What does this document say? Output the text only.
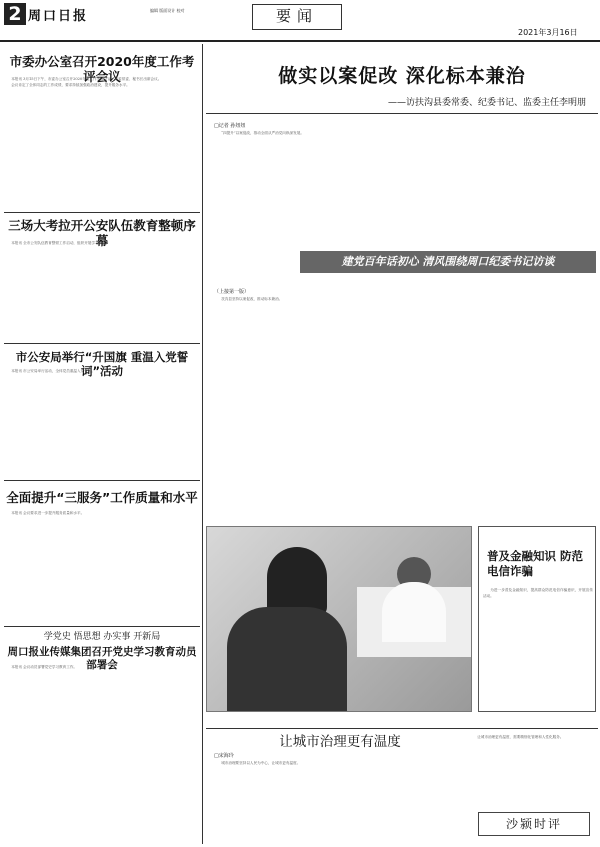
2 周口日报	编辑 版面设计 校对	要闻
2021年3月16日
市委办公室召开2020年度工作考评会议

本报讯 3月15日下午，市委办公室召开2020年度工作考评会议，市委常委、秘书长出席会议。

会议肯定了全体同志的工作成绩，要求持续加强政治建设，提升服务水平。

三场大考拉开公安队伍教育整顿序幕

本报讯 全市公安队伍教育整顿工作启动，组织开展学习教育。

市公安局举行“升国旗 重温入党誓词”活动

本报讯 市公安局举行活动，全体党员重温入党誓词。

全面提升“三服务”工作质量和水平

本报讯 会议要求进一步提升服务质量和水平。

学党史 悟思想 办实事 开新局
周口报业传媒集团召开党史学习教育动员部署会

本报讯 会议动员部署党史学习教育工作。

做实以案促改 深化标本兼治
——访扶沟县委常委、纪委书记、监委主任李明朋
□记者 孙妞妞

“四提升”以案促改，推动全面从严治党向纵深发展。

建党百年话初心 清风围绕周口纪委书记访谈
（上接第一版）

扶沟县坚持以案促改，推动标本兼治。

普及金融知识 防范电信诈骗

为进一步普及金融知识，提高群众防范电信诈骗意识，开展宣传活动。

让城市治理更有温度
□宋海玲

城市治理要坚持以人民为中心，让城市更有温度。

让城市治理更有温度，需要精细化管理和人性化服务。

沙颍时评
